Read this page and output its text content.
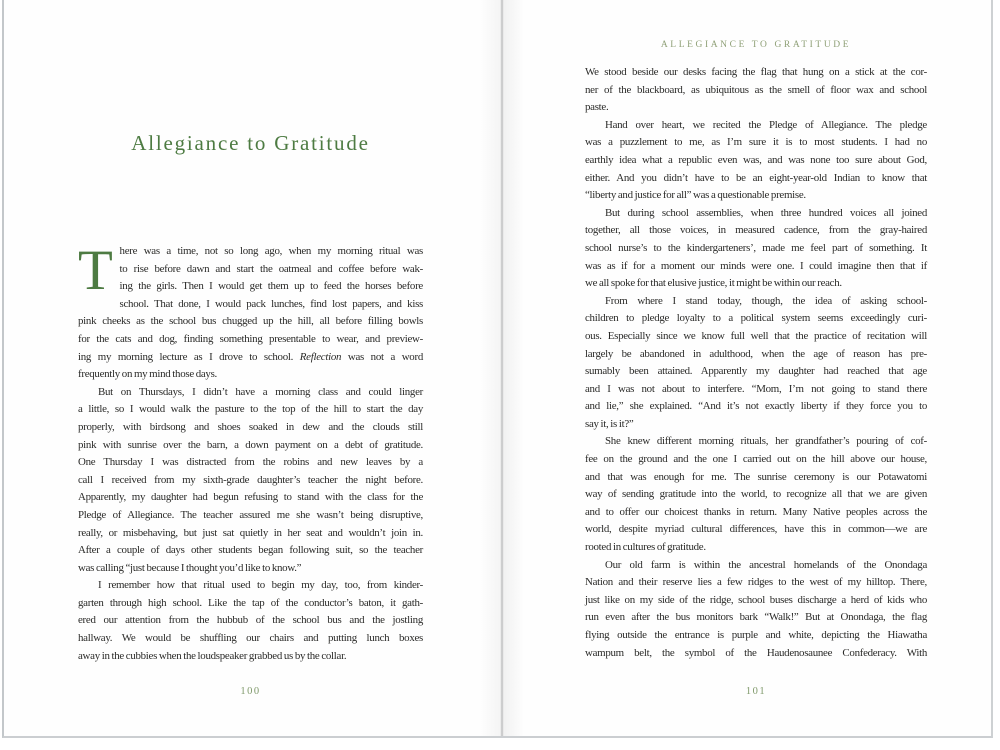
Allegiance to Gratitude
T here was a time, not so long ago, when my morning ritual was
to rise before dawn and start the oatmeal and coffee before wak-
ing the girls. Then I would get them up to feed the horses before
school. That done, I would pack lunches, find lost papers, and kiss
pink cheeks as the school bus chugged up the hill, all before filling bowls
for the cats and dog, finding something presentable to wear, and preview-
ing my morning lecture as I drove to school. Reflection was not a word
frequently on my mind those days.
But on Thursdays, I didn’t have a morning class and could linger
a little, so I would walk the pasture to the top of the hill to start the day
properly, with birdsong and shoes soaked in dew and the clouds still
pink with sunrise over the barn, a down payment on a debt of gratitude.
One Thursday I was distracted from the robins and new leaves by a
call I received from my sixth-grade daughter’s teacher the night before.
Apparently, my daughter had begun refusing to stand with the class for the
Pledge of Allegiance. The teacher assured me she wasn’t being disruptive,
really, or misbehaving, but just sat quietly in her seat and wouldn’t join in.
After a couple of days other students began following suit, so the teacher
was calling “just because I thought you’d like to know.”
I remember how that ritual used to begin my day, too, from kinder-
garten through high school. Like the tap of the conductor’s baton, it gath-
ered our attention from the hubbub of the school bus and the jostling
hallway. We would be shuffling our chairs and putting lunch boxes
away in the cubbies when the loudspeaker grabbed us by the collar.
100
ALLEGIANCE TO GRATITUDE
We stood beside our desks facing the flag that hung on a stick at the cor-
ner of the blackboard, as ubiquitous as the smell of floor wax and school
paste.
Hand over heart, we recited the Pledge of Allegiance. The pledge
was a puzzlement to me, as I’m sure it is to most students. I had no
earthly idea what a republic even was, and was none too sure about God,
either. And you didn’t have to be an eight-year-old Indian to know that
“liberty and justice for all” was a questionable premise.
But during school assemblies, when three hundred voices all joined
together, all those voices, in measured cadence, from the gray-haired
school nurse’s to the kindergarteners’, made me feel part of something. It
was as if for a moment our minds were one. I could imagine then that if
we all spoke for that elusive justice, it might be within our reach.
From where I stand today, though, the idea of asking school-
children to pledge loyalty to a political system seems exceedingly curi-
ous. Especially since we know full well that the practice of recitation will
largely be abandoned in adulthood, when the age of reason has pre-
sumably been attained. Apparently my daughter had reached that age
and I was not about to interfere. “Mom, I’m not going to stand there
and lie,” she explained. “And it’s not exactly liberty if they force you to
say it, is it?”
She knew different morning rituals, her grandfather’s pouring of cof-
fee on the ground and the one I carried out on the hill above our house,
and that was enough for me. The sunrise ceremony is our Potawatomi
way of sending gratitude into the world, to recognize all that we are given
and to offer our choicest thanks in return. Many Native peoples across the
world, despite myriad cultural differences, have this in common—we are
rooted in cultures of gratitude.
Our old farm is within the ancestral homelands of the Onondaga
Nation and their reserve lies a few ridges to the west of my hilltop. There,
just like on my side of the ridge, school buses discharge a herd of kids who
run even after the bus monitors bark “Walk!” But at Onondaga, the flag
flying outside the entrance is purple and white, depicting the Hiawatha
wampum belt, the symbol of the Haudenosaunee Confederacy. With
101
